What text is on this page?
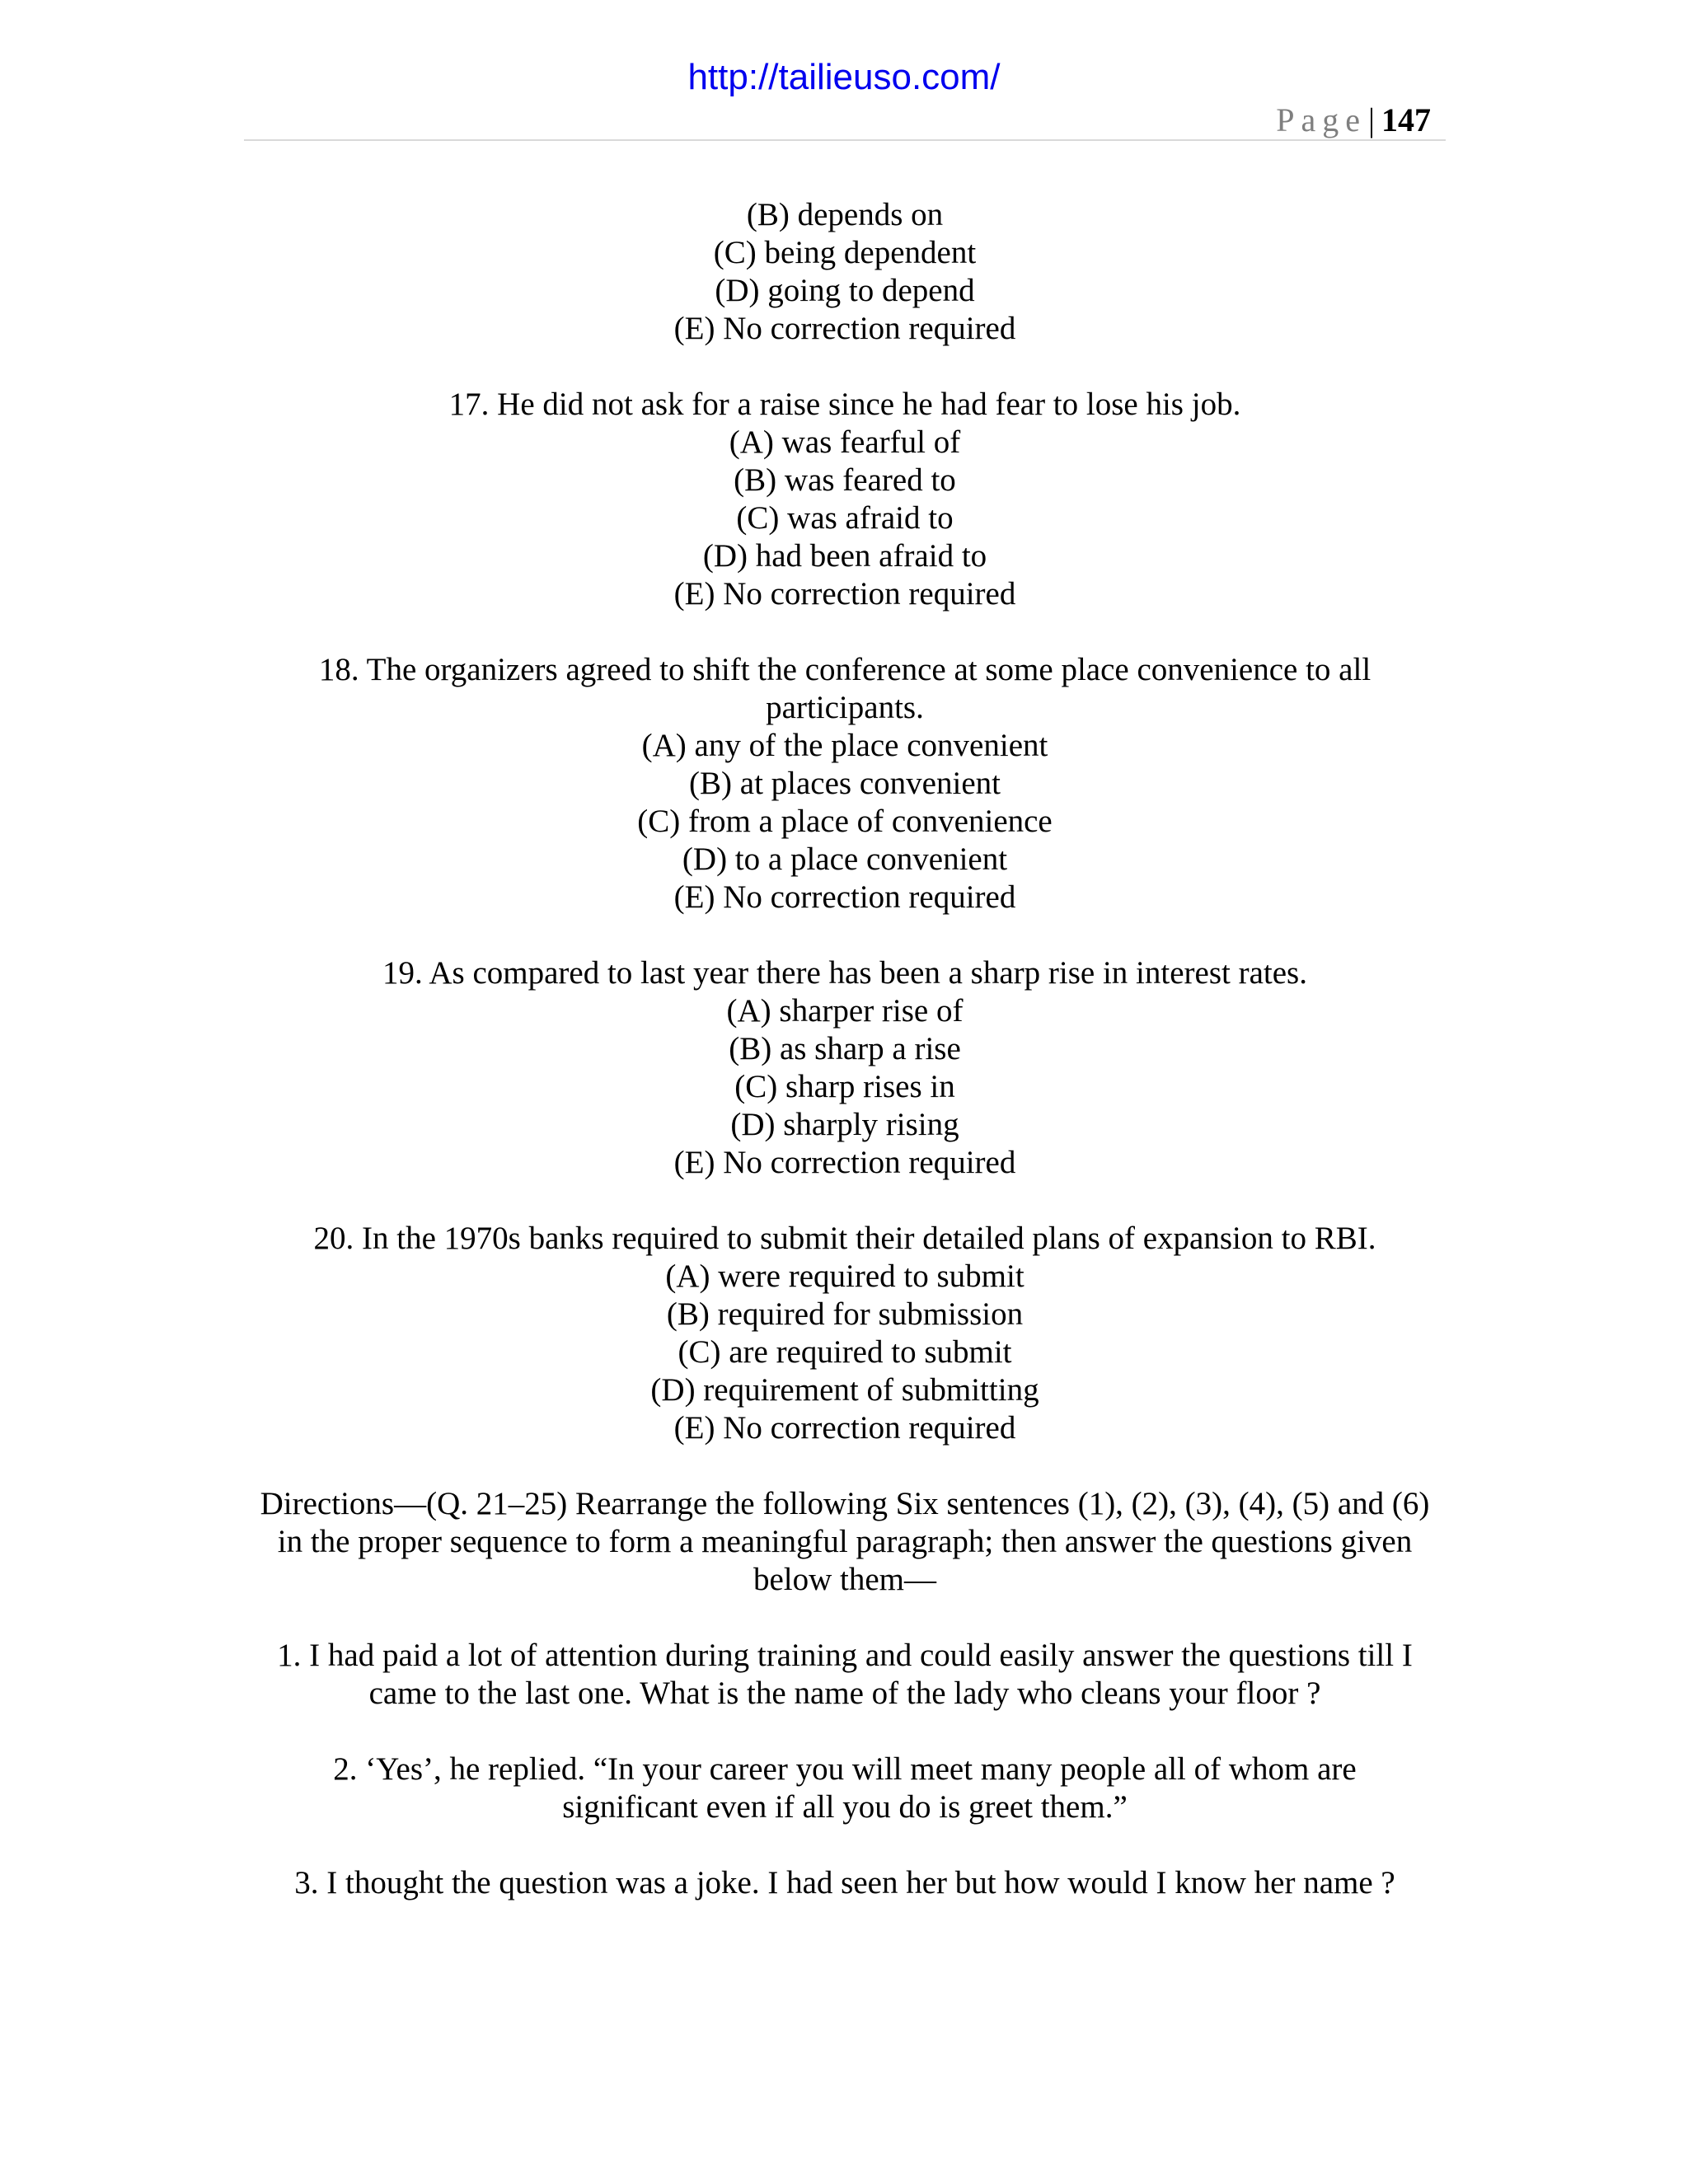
http://tailieuso.com/
Page| 147
(B) depends on
(C) being dependent
(D) going to depend
(E) No correction required
17. He did not ask for a raise since he had fear to lose his job.
(A) was fearful of
(B) was feared to
(C) was afraid to
(D) had been afraid to
(E) No correction required
18. The organizers agreed to shift the conference at some place convenience to all participants.
(A) any of the place convenient
(B) at places convenient
(C) from a place of convenience
(D) to a place convenient
(E) No correction required
19. As compared to last year there has been a sharp rise in interest rates.
(A) sharper rise of
(B) as sharp a rise
(C) sharp rises in
(D) sharply rising
(E) No correction required
20. In the 1970s banks required to submit their detailed plans of expansion to RBI.
(A) were required to submit
(B) required for submission
(C) are required to submit
(D) requirement of submitting
(E) No correction required
Directions—(Q. 21–25) Rearrange the following Six sentences (1), (2), (3), (4), (5) and (6) in the proper sequence to form a meaningful paragraph; then answer the questions given below them—
1. I had paid a lot of attention during training and could easily answer the questions till I came to the last one. What is the name of the lady who cleans your floor ?
2. ‘Yes’, he replied. “In your career you will meet many people all of whom are significant even if all you do is greet them.”
3. I thought the question was a joke. I had seen her but how would I know her name ?
